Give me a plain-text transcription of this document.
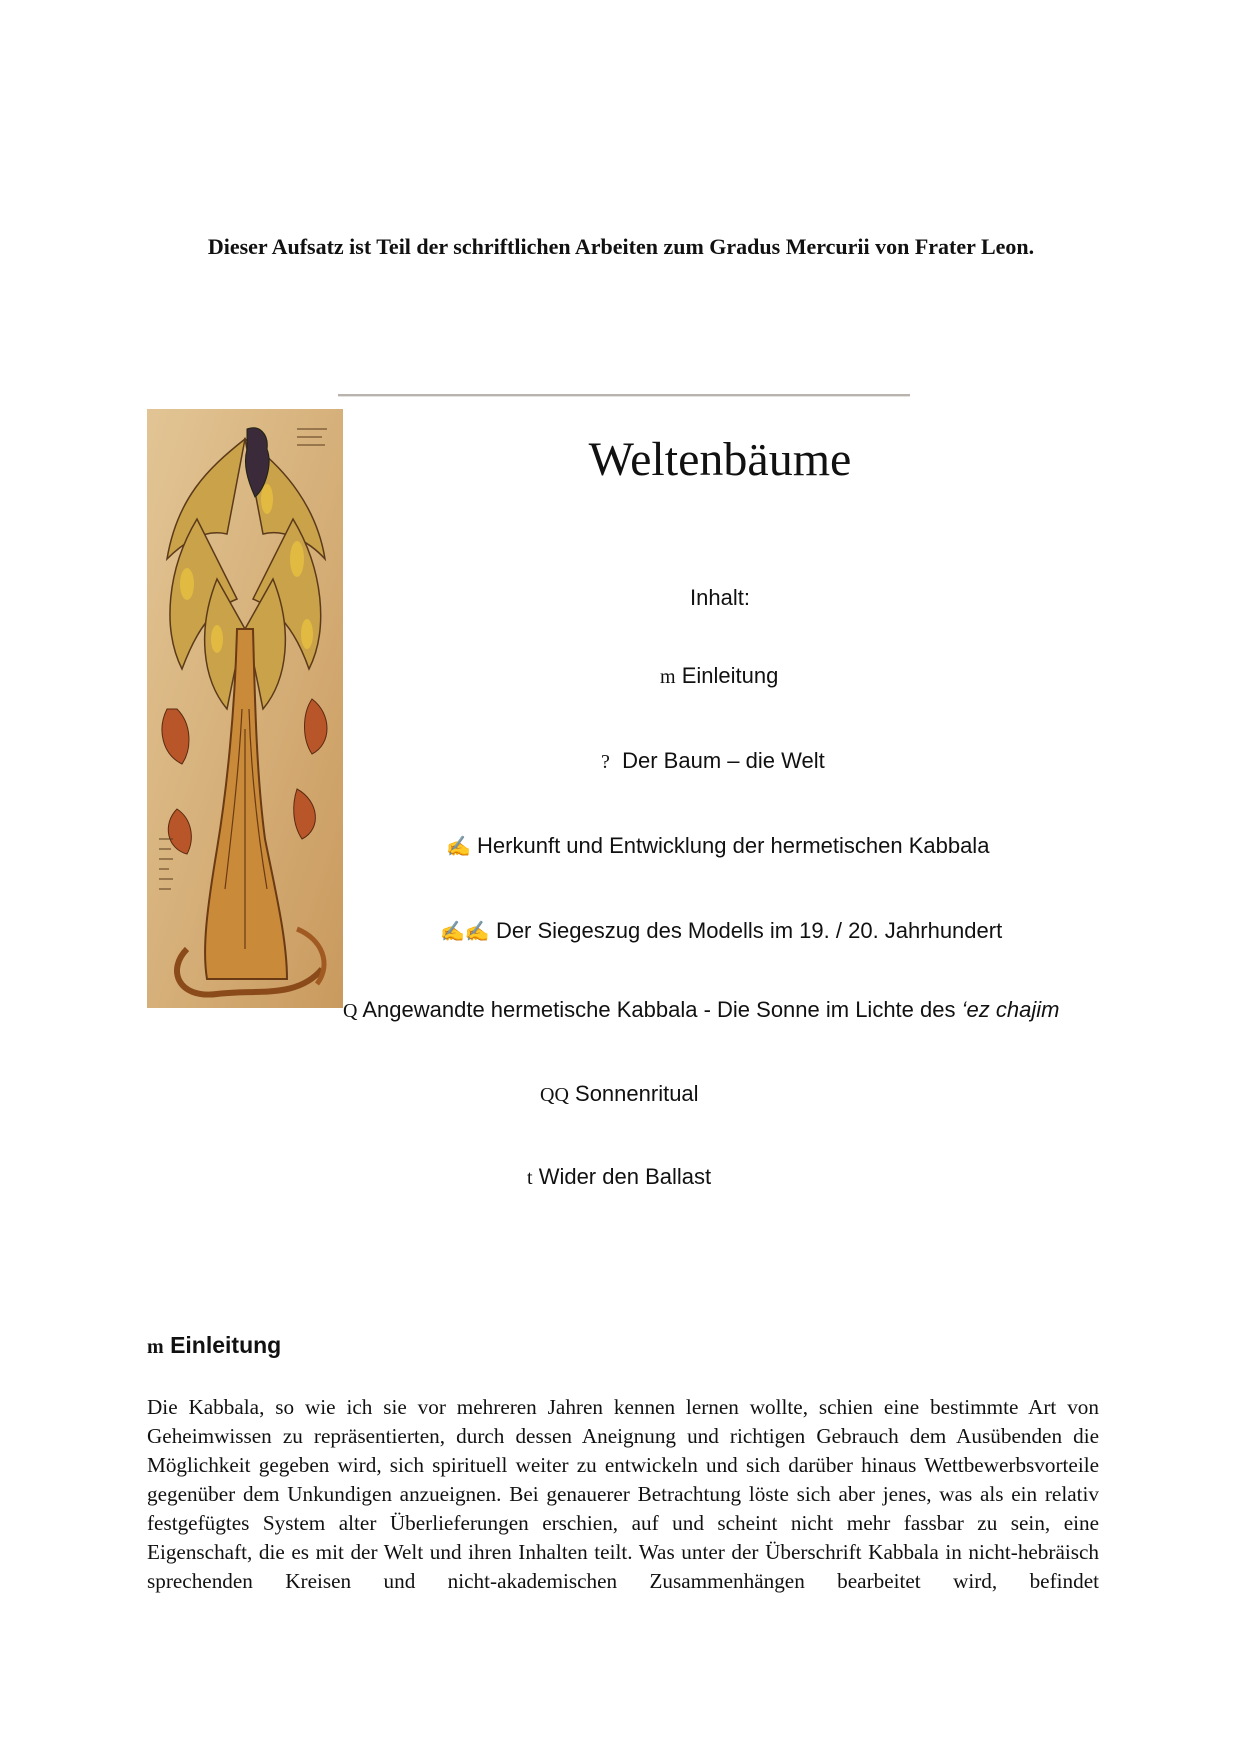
Dieser Aufsatz ist Teil der schriftlichen Arbeiten zum Gradus Mercurii von Frater Leon.
Weltenbäume
Inhalt:
m Einleitung
? Der Baum – die Welt
✍ Herkunft und Entwicklung der hermetischen Kabbala
✍✍ Der Siegeszug des Modells im 19. / 20. Jahrhundert
Q Angewandte hermetische Kabbala - Die Sonne im Lichte des ‘ez chajim
QQ Sonnenritual
t Wider den Ballast
m Einleitung

Die Kabbala, so wie ich sie vor mehreren Jahren kennen lernen wollte, schien eine bestimmte Art von Geheimwissen zu repräsentierten, durch dessen Aneignung und richtigen Gebrauch dem Ausübenden die Möglichkeit gegeben wird, sich spirituell weiter zu entwickeln und sich darüber hinaus Wettbewerbsvorteile gegenüber dem Unkundigen anzueignen. Bei genauerer Betrachtung löste sich aber jenes, was als ein relativ festgefügtes System alter Überlieferungen erschien, auf und scheint nicht mehr fassbar zu sein, eine Eigenschaft, die es mit der Welt und ihren Inhalten teilt. Was unter der Überschrift Kabbala in nicht-hebräisch sprechenden Kreisen und nicht-akademischen Zusammenhängen bearbeitet wird, befindet
